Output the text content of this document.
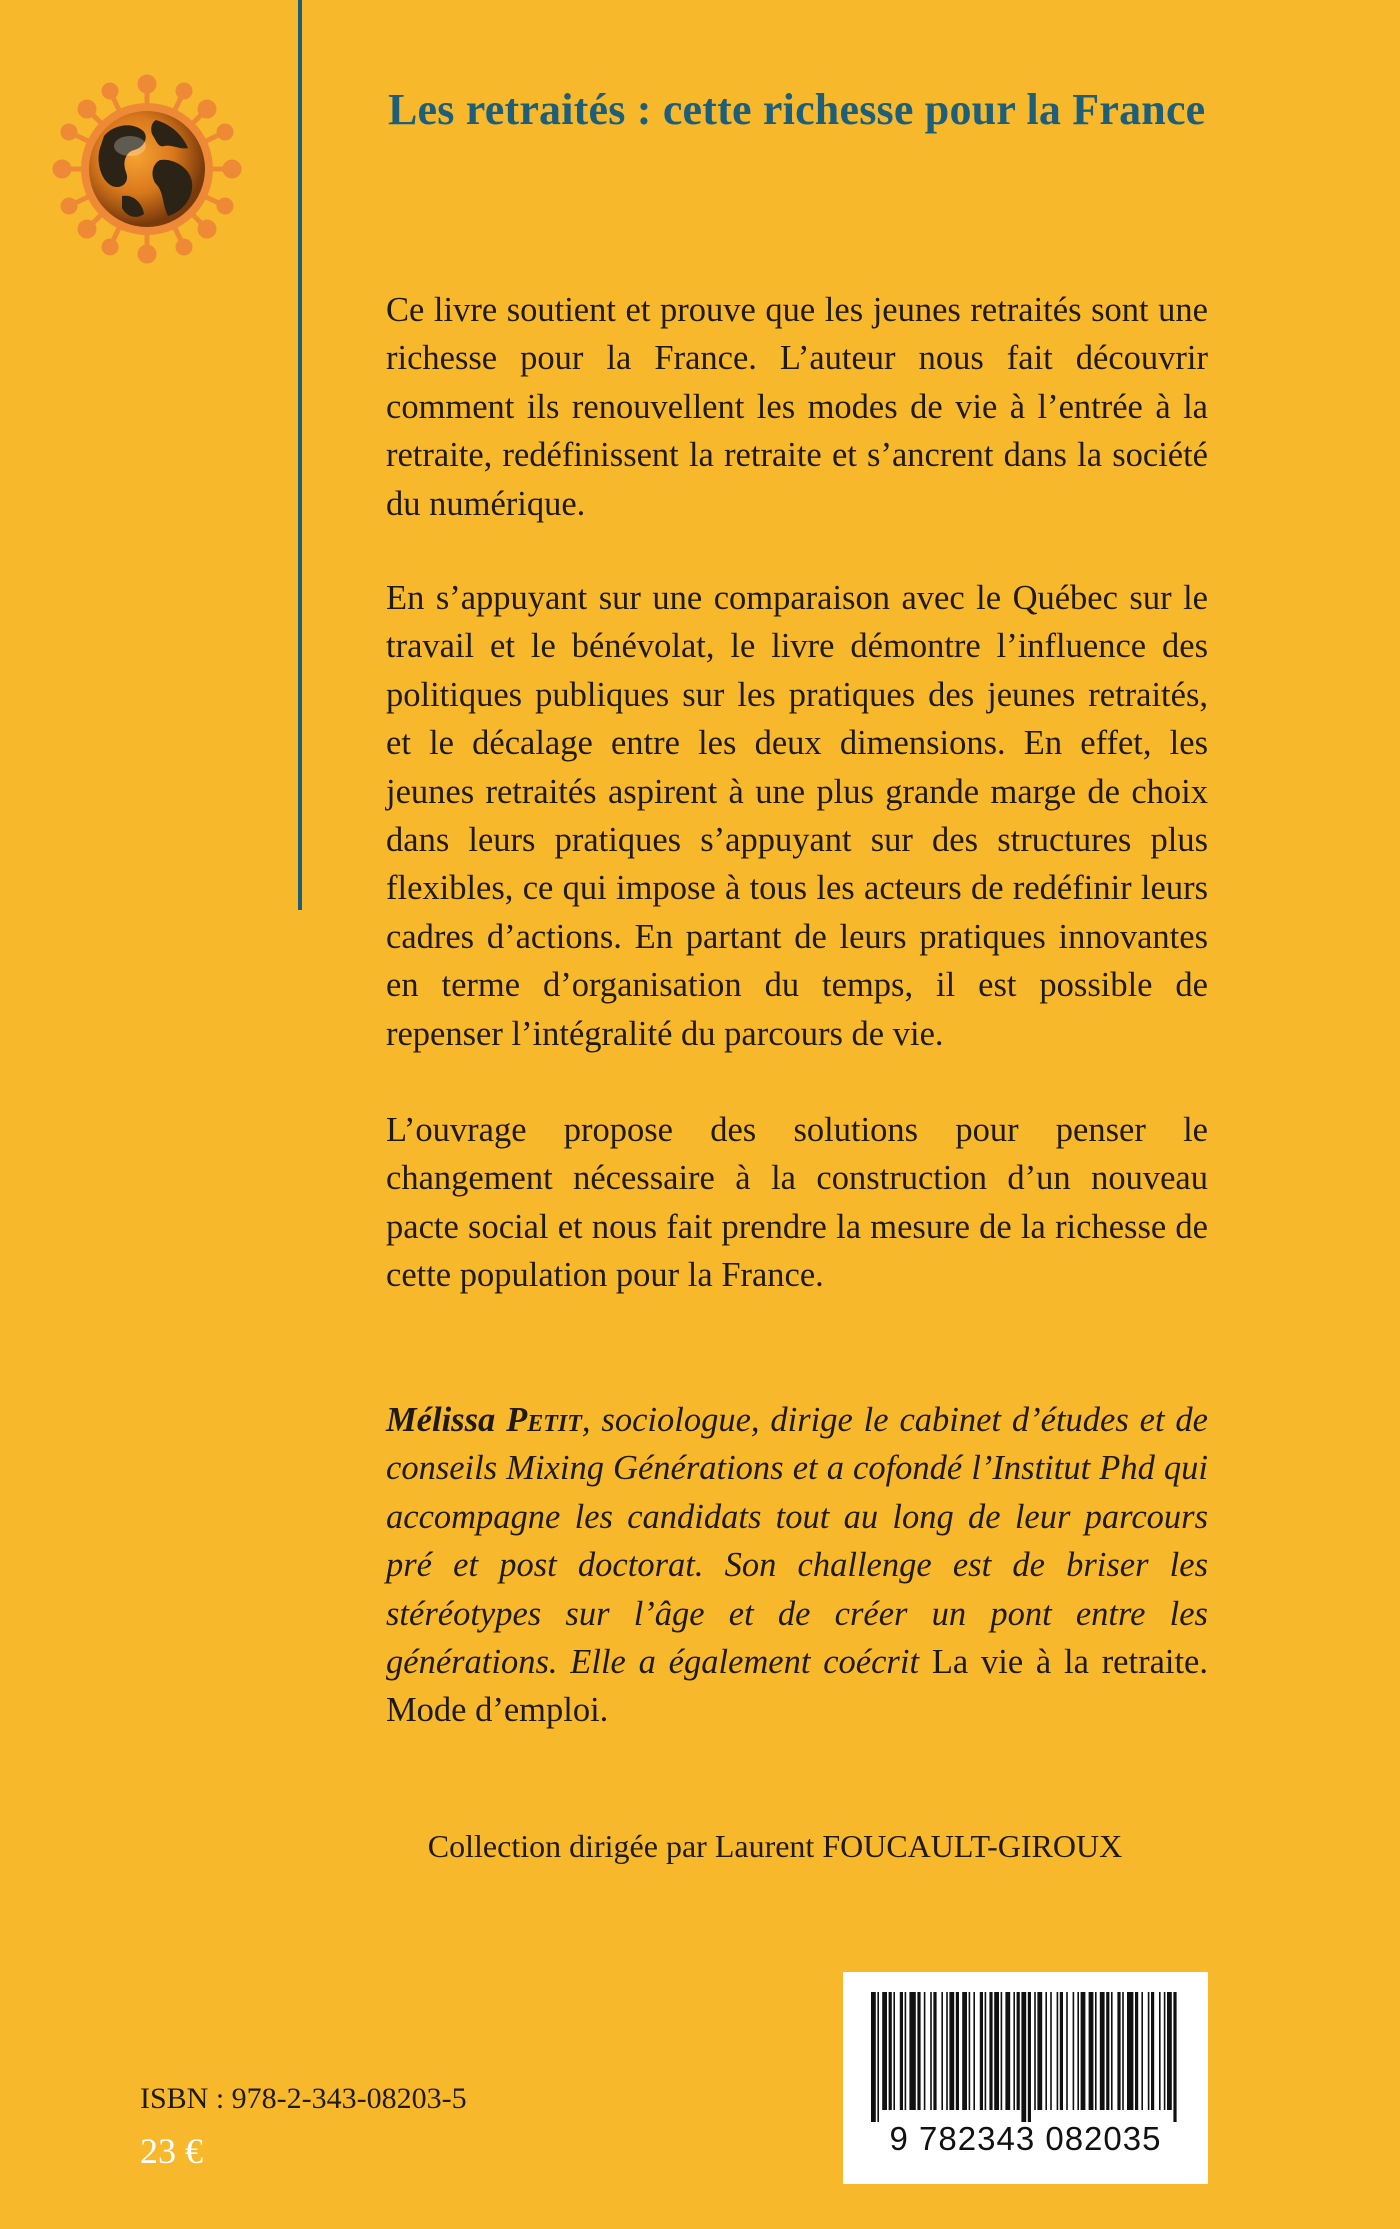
Les retraités : cette richesse pour la France
Ce livre soutient et prouve que les jeunes retraités sont une richesse pour la France. L’auteur nous fait découvrir comment ils renouvellent les modes de vie à l’entrée à la retraite, redéfinissent la retraite et s’ancrent dans la société du numérique.
En s’appuyant sur une comparaison avec le Québec sur le travail et le bénévolat, le livre démontre l’influence des politiques publiques sur les pratiques des jeunes retraités, et le décalage entre les deux dimensions. En effet, les jeunes retraités aspirent à une plus grande marge de choix dans leurs pratiques s’appuyant sur des structures plus flexibles, ce qui impose à tous les acteurs de redéfinir leurs cadres d’actions. En partant de leurs pratiques innovantes en terme d’organisation du temps, il est possible de repenser l’intégralité du parcours de vie.
L’ouvrage propose des solutions pour penser le changement nécessaire à la construction d’un nouveau pacte social et nous fait prendre la mesure de la richesse de cette population pour la France.
Mélissa Petit, sociologue, dirige le cabinet d’études et de conseils Mixing Générations et a cofondé l’Institut Phd qui accompagne les candidats tout au long de leur parcours pré et post doctorat. Son challenge est de briser les stéréotypes sur l’âge et de créer un pont entre les générations. Elle a également coécrit La vie à la retraite. Mode d’emploi.
Collection dirigée par Laurent FOUCAULT-GIROUX
ISBN : 978-2-343-08203-5
23 €	9 782343 082035
